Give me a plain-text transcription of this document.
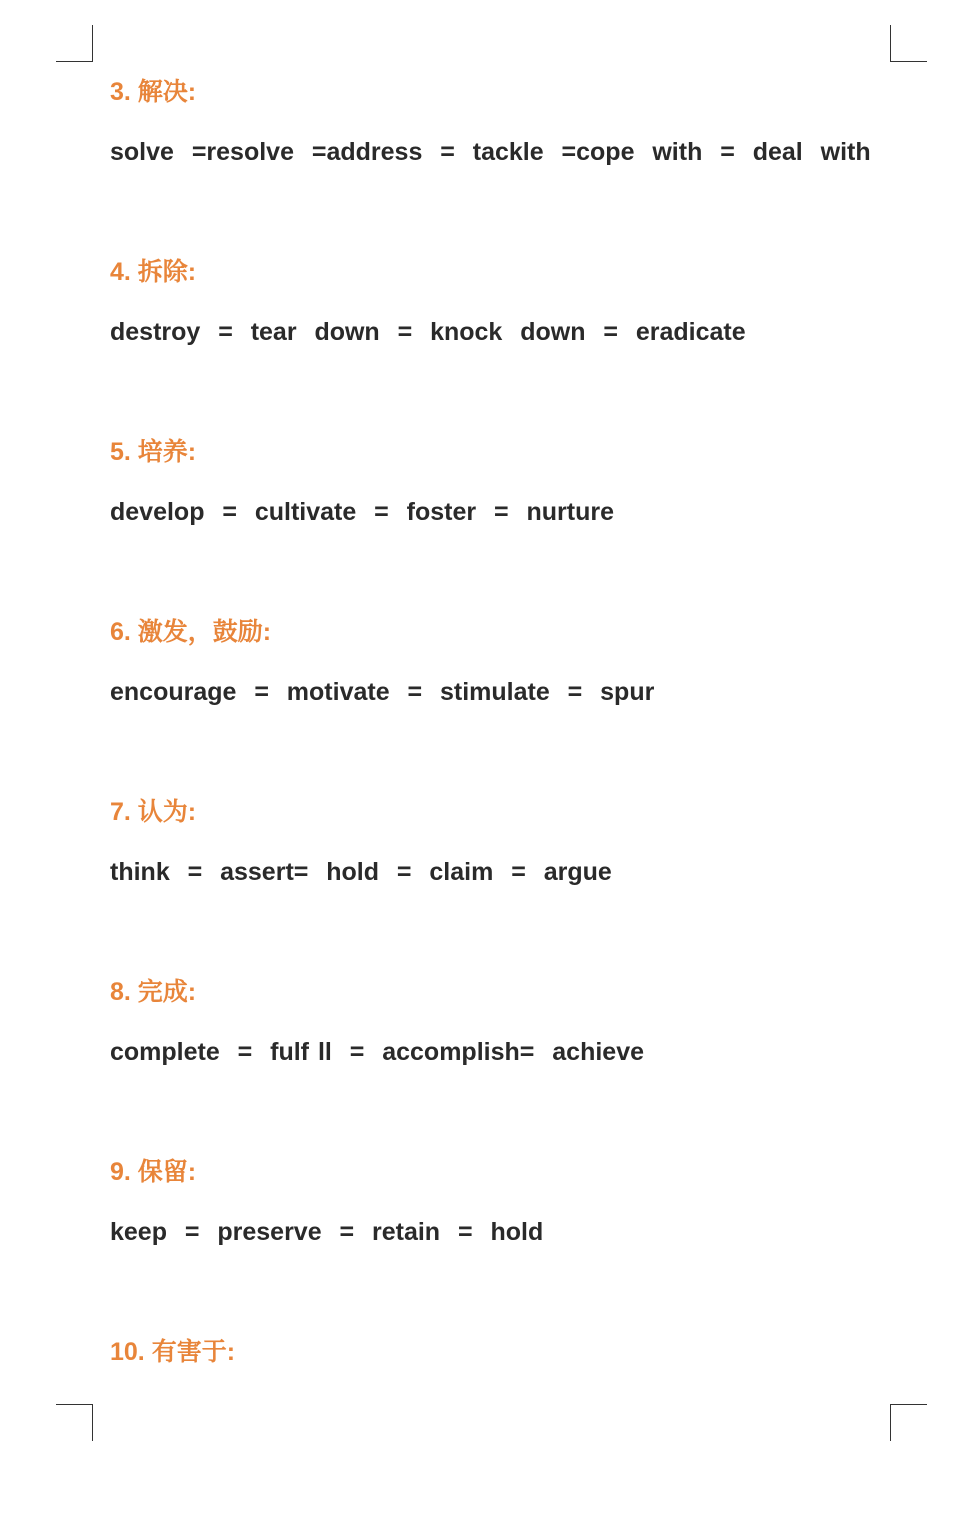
3. 解决:
solve  =resolve  =address  =  tackle  =cope  with  =  deal  with
4. 拆除:
destroy  =  tear  down  =  knock  down  =  eradicate
5. 培养:
develop  =  cultivate  =  foster  =  nurture
6. 激发，鼓励:
encourage  =  motivate  =  stimulate  =  spur
7. 认为:
think  =  assert=  hold  =  claim  =  argue
8. 完成:
complete  =  fulf ll  =  accomplish=  achieve
9. 保留:
keep  =  preserve  =  retain  =  hold
10. 有害于:
